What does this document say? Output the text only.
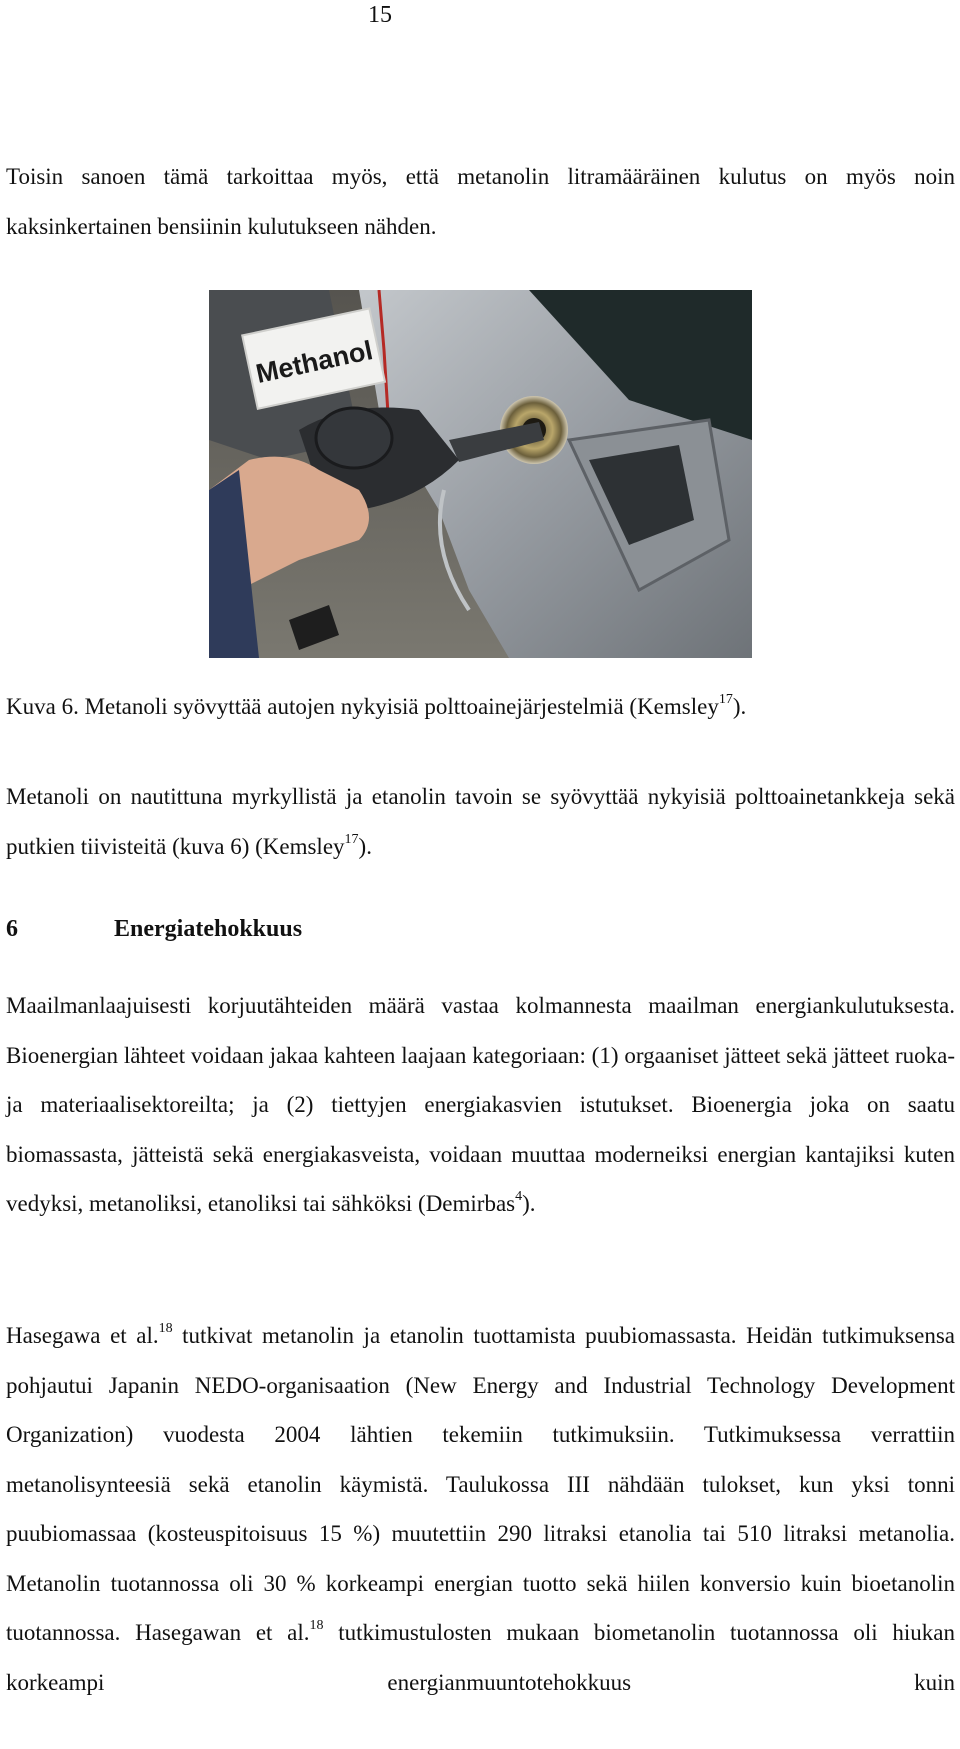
15

Toisin sanoen tämä tarkoittaa myös, että metanolin litramääräinen kulutus on myös noin kaksinkertainen bensiinin kulutukseen nähden.

Methanol
Kuva 6. Metanoli syövyttää autojen nykyisiä polttoainejärjestelmiä (Kemsley$^{17}$).

Metanoli on nautittuna myrkyllistä ja etanolin tavoin se syövyttää nykyisiä polttoainetankkeja sekä putkien tiivisteitä (kuva 6) (Kemsley$^{17}$).

6	Energiatehokkuus

Maailmanlaajuisesti korjuutähteiden määrä vastaa kolmannesta maailman energiankulutuksesta. Bioenergian lähteet voidaan jakaa kahteen laajaan kategoriaan: (1) orgaaniset jätteet sekä jätteet ruoka- ja materiaalisektoreilta; ja (2) tiettyjen energiakasvien istutukset. Bioenergia joka on saatu biomassasta, jätteistä sekä energiakasveista, voidaan muuttaa moderneiksi energian kantajiksi kuten vedyksi, metanoliksi, etanoliksi tai sähköksi (Demirbas$^4$).

Hasegawa et al.$^{18}$ tutkivat metanolin ja etanolin tuottamista puubiomassasta. Heidän tutkimuksensa pohjautui Japanin NEDO-organisaation (New Energy and Industrial Technology Development Organization) vuodesta 2004 lähtien tekemiin tutkimuksiin. Tutkimuksessa verrattiin metanolisynteesiä sekä etanolin käymistä. Taulukossa III nähdään tulokset, kun yksi tonni puubiomassaa (kosteuspitoisuus 15 %) muutettiin 290 litraksi etanolia tai 510 litraksi metanolia. Metanolin tuotannossa oli 30 % korkeampi energian tuotto sekä hiilen konversio kuin bioetanolin tuotannossa. Hasegawan et al.$^{18}$ tutkimustulosten mukaan biometanolin tuotannossa oli hiukan korkeampi energianmuuntotehokkuus kuin
